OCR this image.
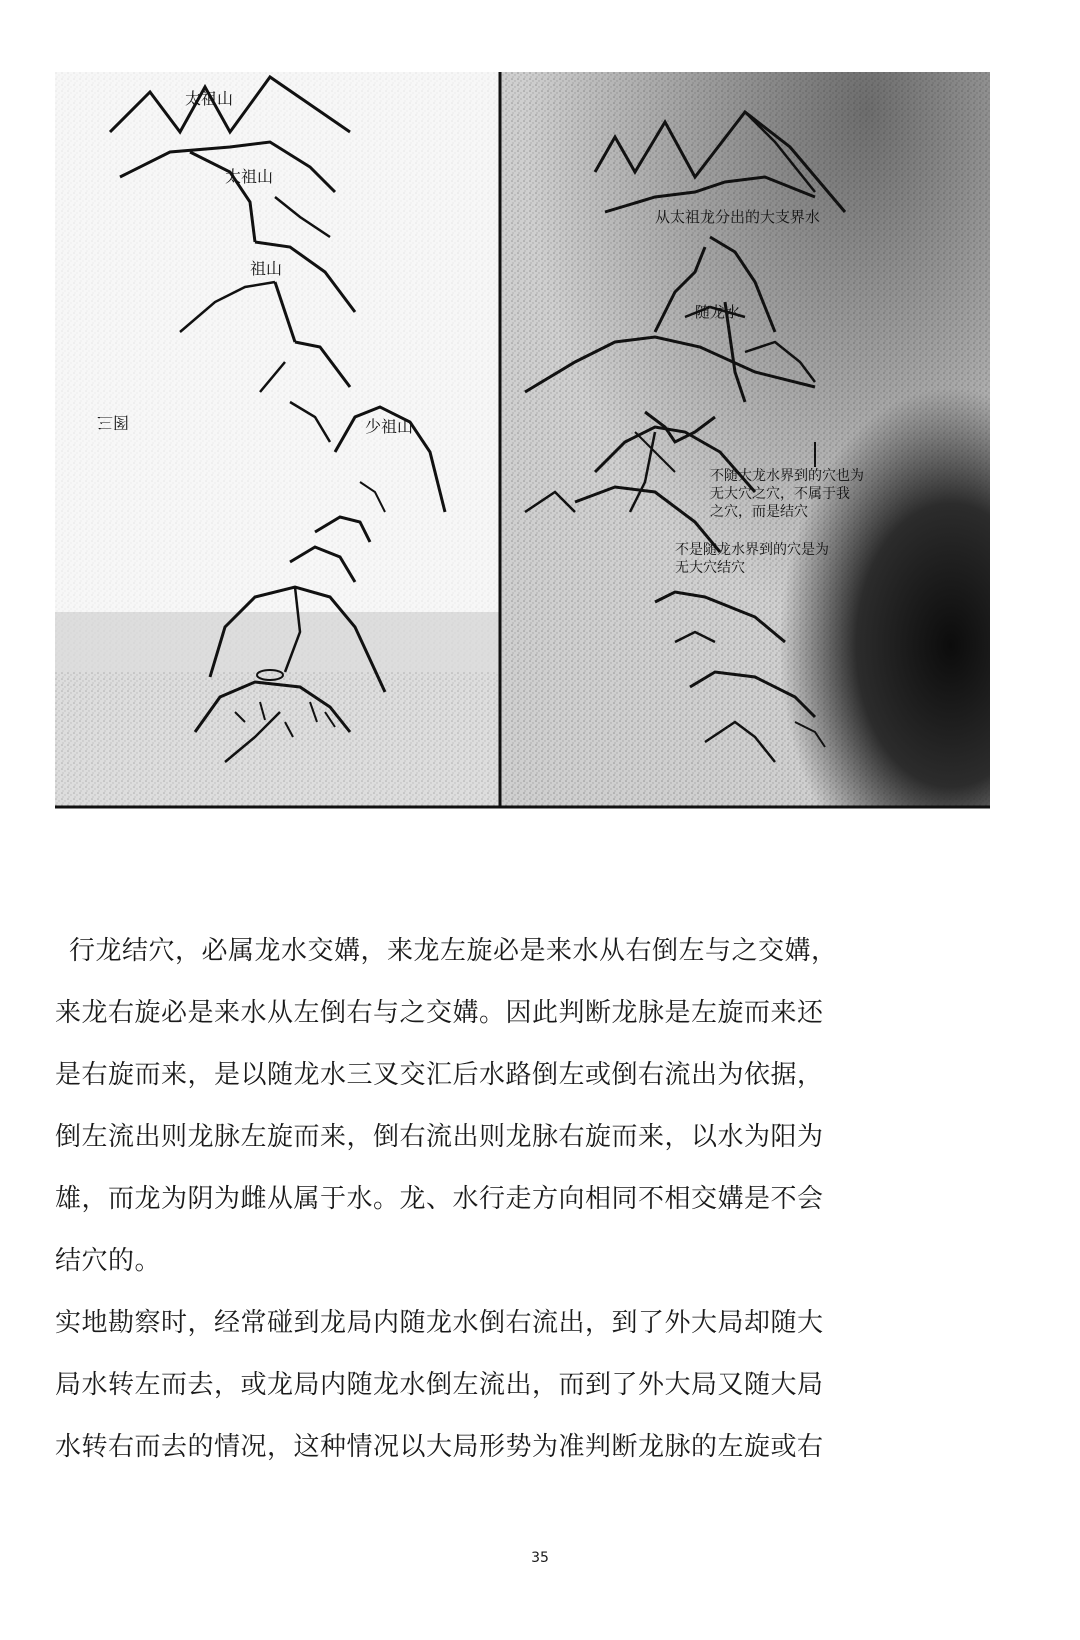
太祖山
太祖山
祖山
少祖山
图三
从太祖龙分出的大支界水
随龙水
不随大龙水界到的穴也为
无大穴之穴，不属于我
之穴，而是结穴
不是随龙水界到的穴是为
无大穴结穴

行龙结穴，必属龙水交媾，来龙左旋必是来水从右倒左与之交媾，

来龙右旋必是来水从左倒右与之交媾。因此判断龙脉是左旋而来还

是右旋而来，是以随龙水三叉交汇后水路倒左或倒右流出为依据，

倒左流出则龙脉左旋而来，倒右流出则龙脉右旋而来，以水为阳为

雄，而龙为阴为雌从属于水。龙、水行走方向相同不相交媾是不会

结穴的。

实地勘察时，经常碰到龙局内随龙水倒右流出，到了外大局却随大

局水转左而去，或龙局内随龙水倒左流出，而到了外大局又随大局

水转右而去的情况，这种情况以大局形势为准判断龙脉的左旋或右

35
